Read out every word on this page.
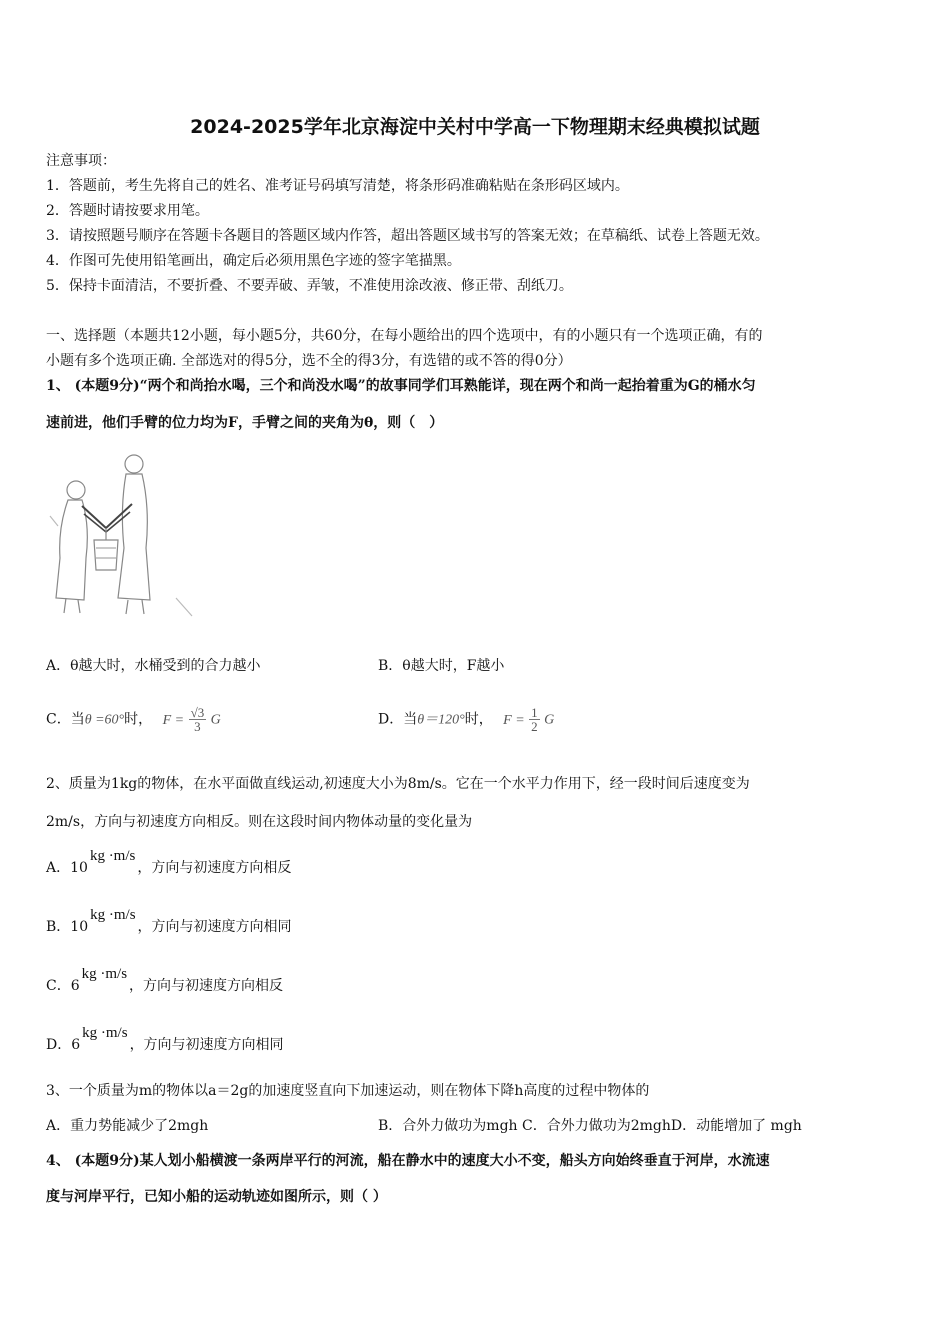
2024-2025学年北京海淀中关村中学高一下物理期末经典模拟试题
注意事项：
1．答题前，考生先将自己的姓名、准考证号码填写清楚，将条形码准确粘贴在条形码区域内。
2．答题时请按要求用笔。
3．请按照题号顺序在答题卡各题目的答题区域内作答，超出答题区域书写的答案无效；在草稿纸、试卷上答题无效。
4．作图可先使用铅笔画出，确定后必须用黑色字迹的签字笔描黑。
5．保持卡面清洁，不要折叠、不要弄破、弄皱，不准使用涂改液、修正带、刮纸刀。
一、选择题（本题共12小题，每小题5分，共60分，在每小题给出的四个选项中，有的小题只有一个选项正确，有的
小题有多个选项正确. 全部选对的得5分，选不全的得3分，有选错的或不答的得0分）
1、 (本题9分)“两个和尚抬水喝，三个和尚没水喝”的故事同学们耳熟能详，现在两个和尚一起抬着重为G的桶水匀
速前进，他们手臂的位力均为F，手臂之间的夹角为θ，则（　）
A．θ越大时，水桶受到的合力越小	B．θ越大时，F越小
C．当θ =60°时， $F = \frac{√3}{3}$ G	D．当θ＝120°时， $F = \frac{1}{2}$ G
2、质量为1kg的物体，在水平面做直线运动,初速度大小为8m/s。它在一个水平力作用下，经一段时间后速度变为
2m/s，方向与初速度方向相反。则在这段时间内物体动量的变化量为
A．10kg ·m/s，方向与初速度方向相反
B．10kg ·m/s，方向与初速度方向相同
C．6kg ·m/s，方向与初速度方向相反
D．6kg ·m/s，方向与初速度方向相同
3、一个质量为m的物体以a＝2g的加速度竖直向下加速运动，则在物体下降h高度的过程中物体的
A．重力势能减少了2mgh	B．合外力做功为mgh C．合外力做功为2mghD．动能增加了 mgh
4、 (本题9分)某人划小船横渡一条两岸平行的河流，船在静水中的速度大小不变，船头方向始终垂直于河岸，水流速
度与河岸平行，已知小船的运动轨迹如图所示，则（ ）
